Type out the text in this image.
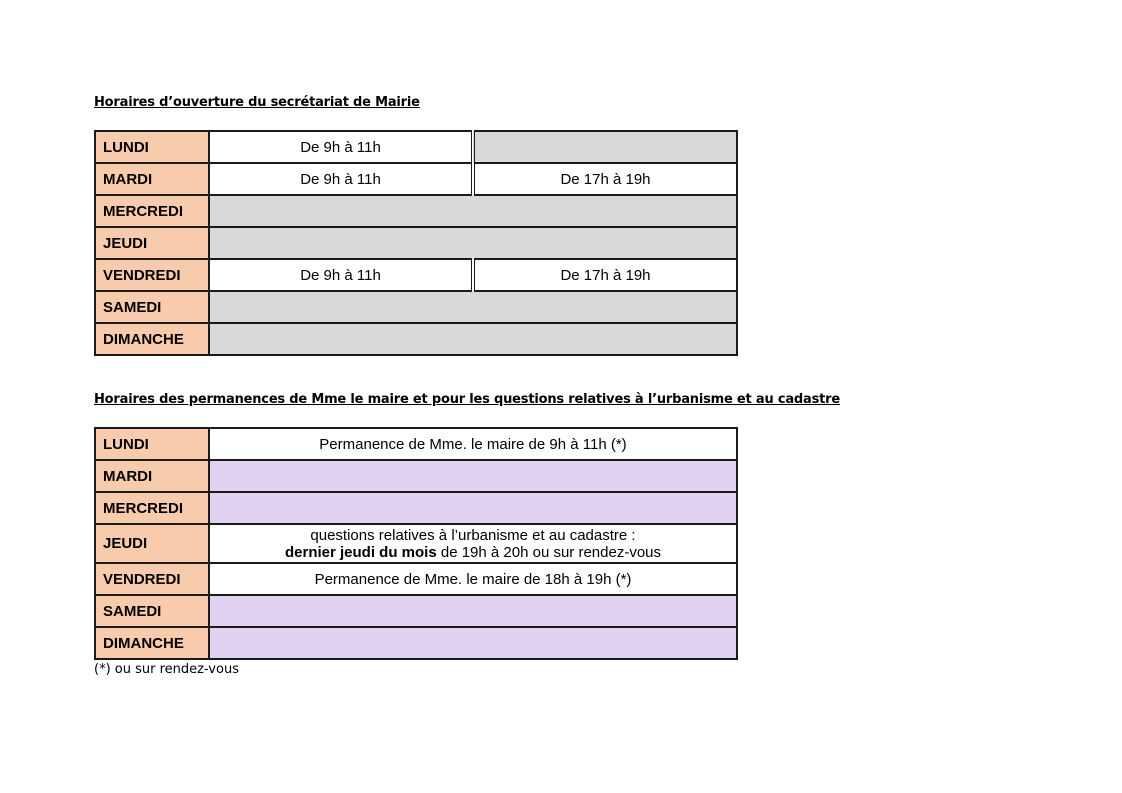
Horaires d’ouverture du secrétariat de Mairie
LUNDI	De 9h à 11h	
MARDI	De 9h à 11h	De 17h à 19h
MERCREDI		
JEUDI		
VENDREDI	De 9h à 11h	De 17h à 19h
SAMEDI		
DIMANCHE		
Horaires des permanences de Mme le maire et pour les questions relatives à l’urbanisme et au cadastre
LUNDI	Permanence de Mme. le maire de 9h à 11h (*)
MARDI	
MERCREDI	
JEUDI	questions relatives à l’urbanisme et au cadastre :
dernier jeudi du mois de 19h à 20h ou sur rendez-vous

VENDREDI	Permanence de Mme. le maire de 18h à 19h (*)
SAMEDI	
DIMANCHE	
(*) ou sur rendez-vous
